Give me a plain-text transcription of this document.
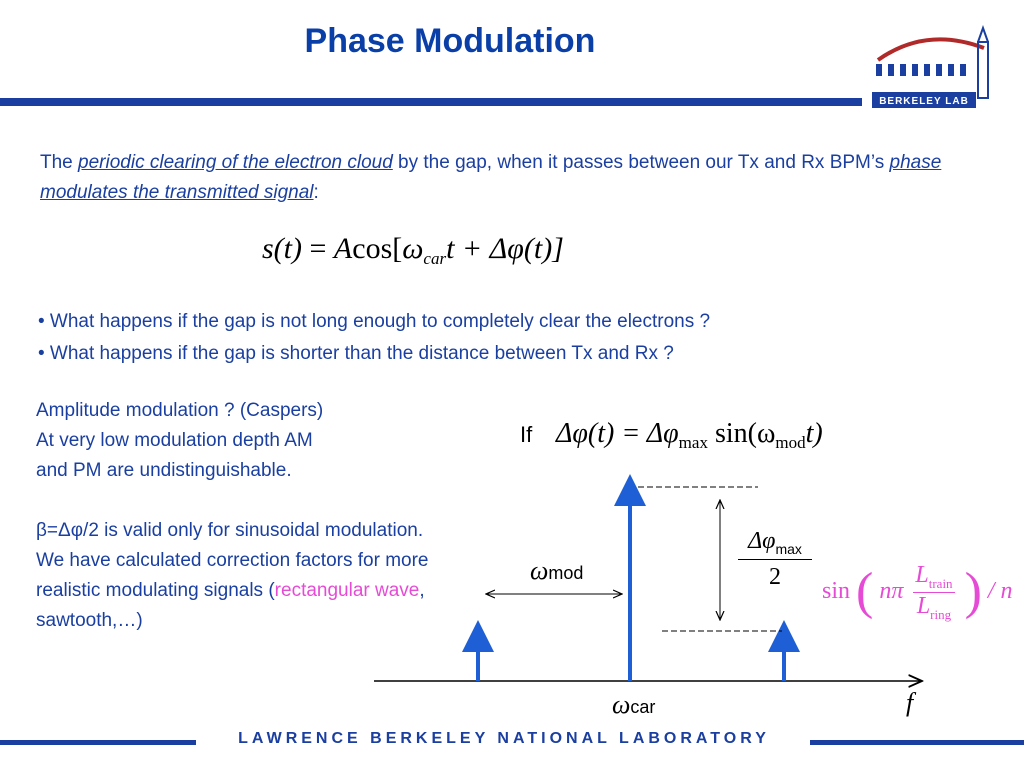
Phase Modulation
BERKELEY LAB
The periodic clearing of the electron cloud by the gap, when it passes between our Tx and Rx BPM’s phase modulates the transmitted signal:
$s(t) = Acos[\omega_{car}t + \Delta\varphi(t)]$
• What happens if the gap is not long enough to completely clear the electrons ?
• What happens if the gap is shorter than the distance between Tx and Rx ?

Amplitude modulation ? (Caspers)

At very low modulation depth AM

and PM are undistinguishable.

β=Δφ/2 is valid only for sinusoidal modulation. We have calculated correction factors for more realistic modulating signals (rectangular wave, sawtooth,…)

If $\Delta\varphi(t) = \Delta\varphi_{max}$ $\sin(\omega_{mod}t)$
ωmod
ωcar	f
$\Delta\varphi_{max}$
2
sin ( nπ
$L_{train}$
$L_{ring}$ ) / n
LAWRENCE BERKELEY NATIONAL LABORATORY
